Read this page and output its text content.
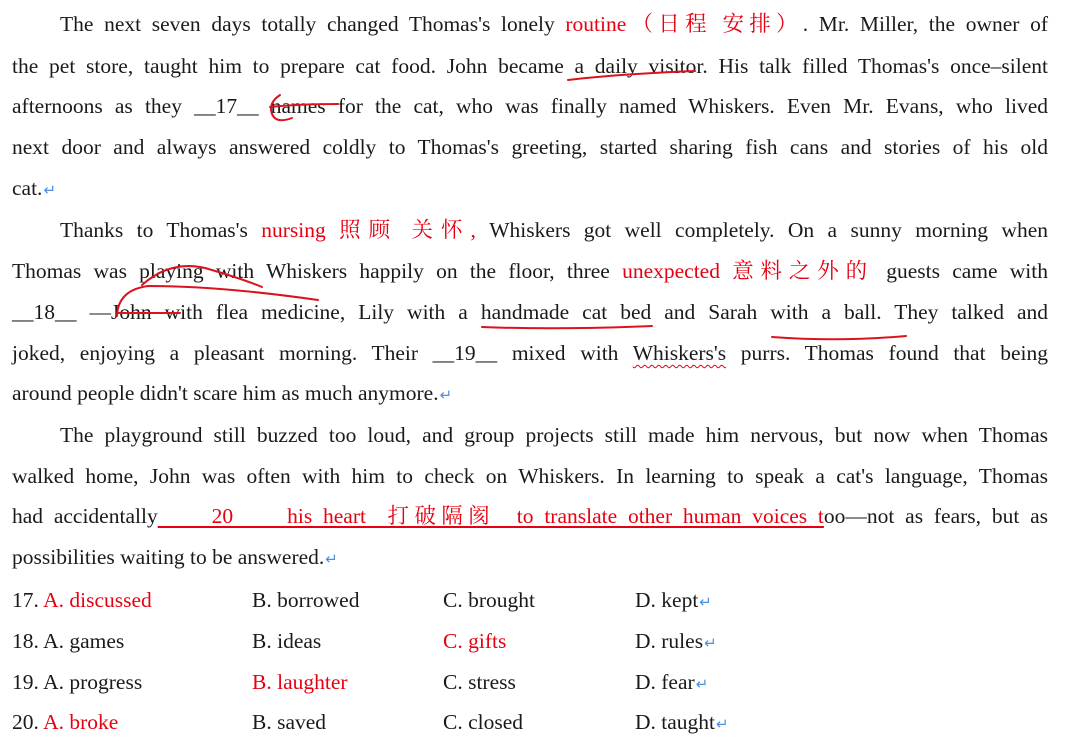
The next seven days totally changed Thomas's lonely routine（日程 安排）. Mr. Miller, the owner of
the pet store, taught him to prepare cat food. John became a daily visitor. His talk filled Thomas's once–silent
afternoons as they __17__ names for the cat, who was finally named Whiskers. Even Mr. Evans, who lived
next door and always answered coldly to Thomas's greeting, started sharing fish cans and stories of his old
cat.↵
Thanks to Thomas's nursing 照顾 关怀, Whiskers got well completely. On a sunny morning when
Thomas was playing with Whiskers happily on the floor, three unexpected 意料之外的 guests came with
__18__ —John with flea medicine, Lily with a handmade cat bed and Sarah with a ball. They talked and
joked, enjoying a pleasant morning. Their __19__ mixed with Whiskers's purrs. Thomas found that being
around people didn't scare him as much anymore.↵
The playground still buzzed too loud, and group projects still made him nervous, but now when Thomas
walked home, John was often with him to check on Whiskers. In learning to speak a cat's language, Thomas
had accidentally     20     his heart  打破隔阂  to translate other human voices too—not as fears, but as
possibilities waiting to be answered.↵
17. A. discussed	B. borrowed	C. brought	D. kept↵
18. A. games	B. ideas	C. gifts	D. rules↵
19. A. progress	B. laughter	C. stress	D. fear↵
20. A. broke	B. saved	C. closed	D. taught↵
